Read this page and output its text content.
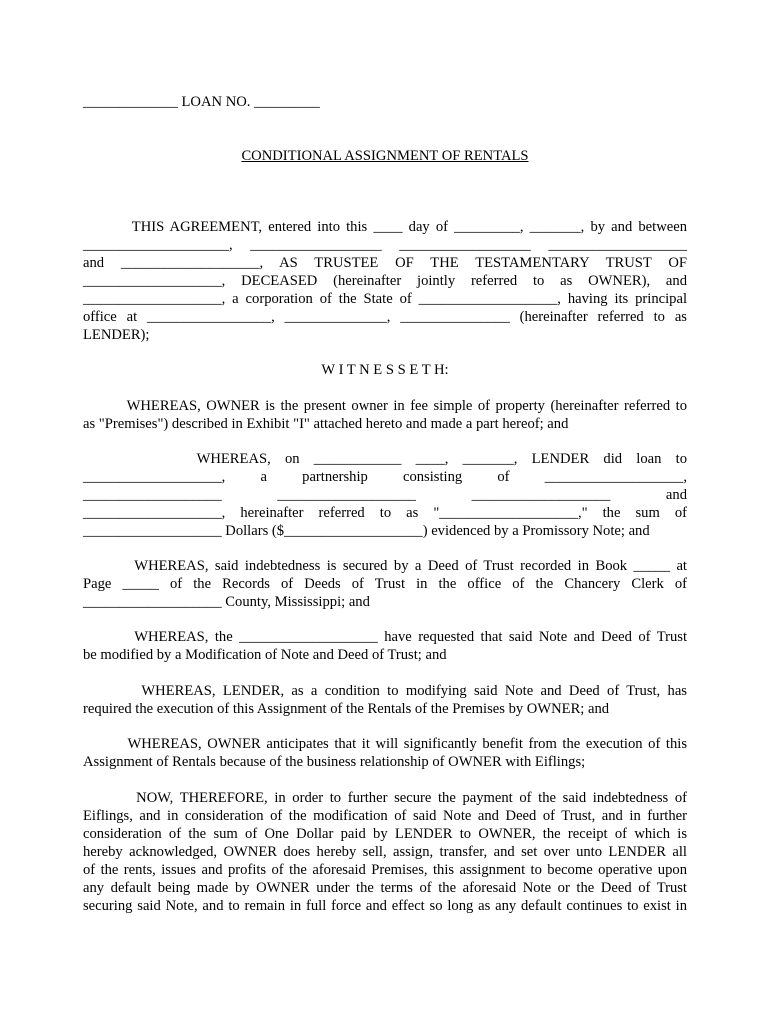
_____________ LOAN NO. _________
CONDITIONAL ASSIGNMENT OF RENTALS
THIS AGREEMENT, entered into this ____ day of _________, _______, by and between
____________________, __________________ __________________ ___________________
and ___________________, AS TRUSTEE OF THE TESTAMENTARY TRUST OF
___________________, DECEASED (hereinafter jointly referred to as OWNER), and
___________________, a corporation of the State of ___________________, having its principal
office at _________________, ______________, _______________ (hereinafter referred to as
LENDER);
W I T N E S S E T H:
WHEREAS, OWNER is the present owner in fee simple of property (hereinafter referred to
as "Premises") described in Exhibit "I" attached hereto and made a part hereof; and
WHEREAS, on ____________ ____, _______, LENDER did loan to
___________________, a partnership consisting of ___________________,
___________________ ___________________ ___________________ and
___________________, hereinafter referred to as "___________________," the sum of
___________________ Dollars ($___________________) evidenced by a Promissory Note; and
WHEREAS, said indebtedness is secured by a Deed of Trust recorded in Book _____ at
Page _____ of the Records of Deeds of Trust in the office of the Chancery Clerk of
___________________ County, Mississippi; and
WHEREAS, the ___________________ have requested that said Note and Deed of Trust
be modified by a Modification of Note and Deed of Trust; and
WHEREAS, LENDER, as a condition to modifying said Note and Deed of Trust, has
required the execution of this Assignment of the Rentals of the Premises by OWNER; and
WHEREAS, OWNER anticipates that it will significantly benefit from the execution of this
Assignment of Rentals because of the business relationship of OWNER with Eiflings;
NOW, THEREFORE, in order to further secure the payment of the said indebtedness of
Eiflings, and in consideration of the modification of said Note and Deed of Trust, and in further
consideration of the sum of One Dollar paid by LENDER to OWNER, the receipt of which is
hereby acknowledged, OWNER does hereby sell, assign, transfer, and set over unto LENDER all
of the rents, issues and profits of the aforesaid Premises, this assignment to become operative upon
any default being made by OWNER under the terms of the aforesaid Note or the Deed of Trust
securing said Note, and to remain in full force and effect so long as any default continues to exist in
